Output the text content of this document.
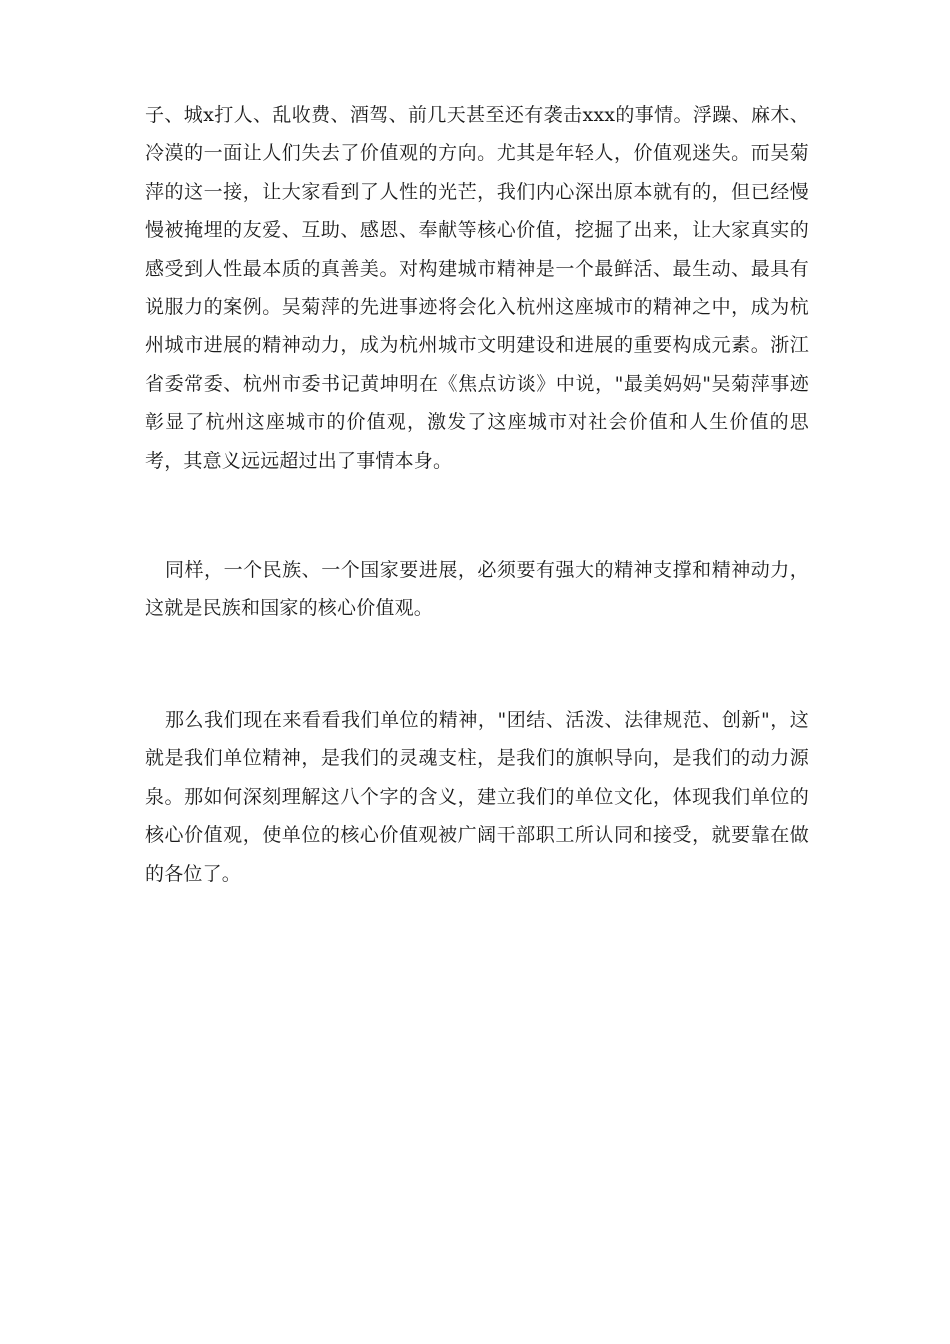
子、城x打人、乱收费、酒驾、前几天甚至还有袭击xxx的事情。浮躁、麻木、冷漠的一面让人们失去了价值观的方向。尤其是年轻人，价值观迷失。而吴菊萍的这一接，让大家看到了人性的光芒，我们内心深出原本就有的，但已经慢慢被掩埋的友爱、互助、感恩、奉献等核心价值，挖掘了出来，让大家真实的感受到人性最本质的真善美。对构建城市精神是一个最鲜活、最生动、最具有说服力的案例。吴菊萍的先进事迹将会化入杭州这座城市的精神之中，成为杭州城市进展的精神动力，成为杭州城市文明建设和进展的重要构成元素。浙江省委常委、杭州市委书记黄坤明在《焦点访谈》中说，"最美妈妈"吴菊萍事迹彰显了杭州这座城市的价值观，激发了这座城市对社会价值和人生价值的思考，其意义远远超过出了事情本身。

同样，一个民族、一个国家要进展，必须要有强大的精神支撑和精神动力，这就是民族和国家的核心价值观。

那么我们现在来看看我们单位的精神，"团结、活泼、法律规范、创新"，这就是我们单位精神，是我们的灵魂支柱，是我们的旗帜导向，是我们的动力源泉。那如何深刻理解这八个字的含义，建立我们的单位文化，体现我们单位的核心价值观，使单位的核心价值观被广阔干部职工所认同和接受，就要靠在做的各位了。
